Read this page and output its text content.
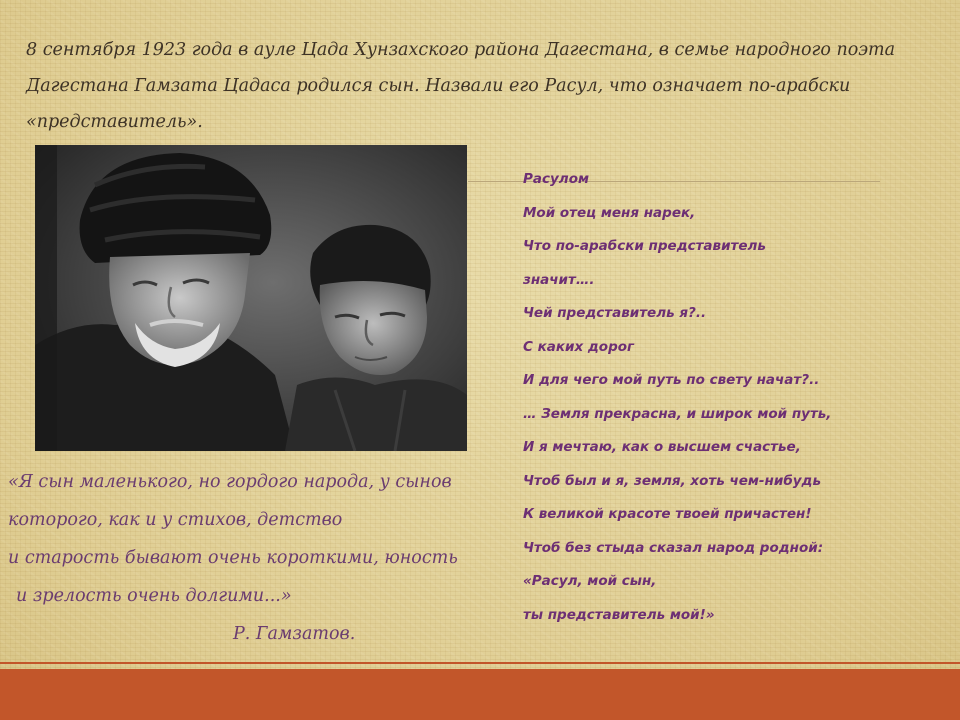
8 сентября 1923 года в ауле Цада Хунзахского района Дагестана, в семье народного поэта Дагестана Гамзата Цадаса родился сын. Назвали его Расул, что означает по-арабски «представитель».

Расулом
Мой отец меня нарек,
Что по-арабски представитель
значит….
Чей представитель я?..
С каких дорог
И для чего мой путь по свету начат?..
… Земля прекрасна, и широк мой путь,
И я мечтаю, как о высшем счастье,
Чтоб был и я, земля, хоть чем-нибудь
К великой красоте твоей причастен!
Чтоб без стыда сказал народ родной:
«Расул, мой сын,
ты представитель мой!»
«Я сын маленького, но гордого народа, у сынов
которого, как и у стихов, детство
и старость бывают очень короткими, юность
и зрелость очень долгими...»
Р. Гамзатов.
